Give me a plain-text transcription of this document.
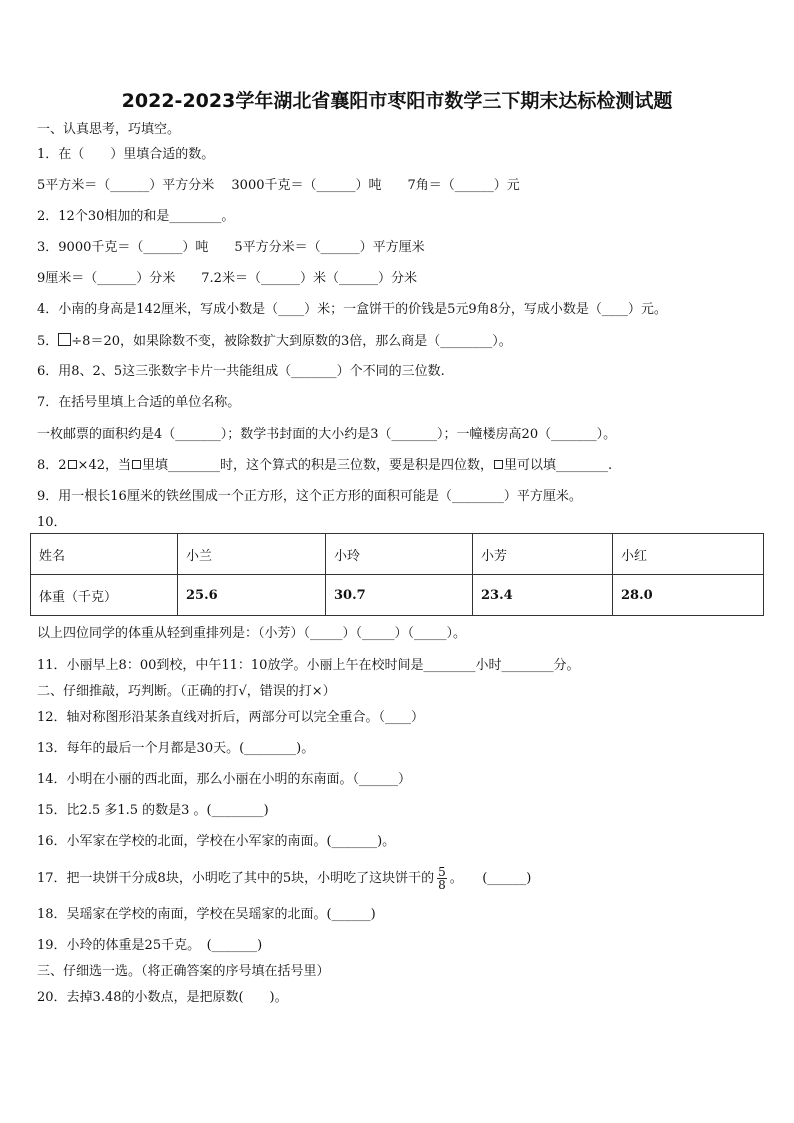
2022-2023学年湖北省襄阳市枣阳市数学三下期末达标检测试题
一、认真思考，巧填空。
1．在（　　）里填合适的数。
5平方米＝（______）平方分米　 3000千克＝（______）吨　　7角＝（______）元
2．12个30相加的和是________。
3．9000千克＝（______）吨　　5平方分米＝（______）平方厘米
9厘米＝（______）分米　　7.2米＝（______）米（______）分米
4．小南的身高是142厘米，写成小数是（____）米；一盒饼干的价钱是5元9角8分，写成小数是（____）元。
5． ÷8＝20，如果除数不变，被除数扩大到原数的3倍，那么商是（________）。
6．用8、2、5这三张数字卡片一共能组成（_______）个不同的三位数.
7．在括号里填上合适的单位名称。
一枚邮票的面积约是4（_______）；数学书封面的大小约是3（_______）；一幢楼房高20（_______）。
8．2 ×42，当 里填________时，这个算式的积是三位数，要是积是四位数， 里可以填________.
9．用一根长16厘米的铁丝围成一个正方形，这个正方形的面积可能是（________）平方厘米。
10．
姓名	小兰	小玲	小芳	小红
体重（千克）	25.6	30.7	23.4	28.0
以上四位同学的体重从轻到重排列是：（小芳）（_____）（_____）（_____）。
11．小丽早上8：00到校，中午11：10放学。小丽上午在校时间是________小时________分。
二、仔细推敲，巧判断。（正确的打√，错误的打×）
12．轴对称图形沿某条直线对折后，两部分可以完全重合。（____）
13．每年的最后一个月都是30天。(________)。
14．小明在小丽的西北面，那么小丽在小明的东南面。（______）
15．比2.5 多1.5 的数是3 。(________)
16．小军家在学校的北面，学校在小军家的南面。(_______)。
17．把一块饼干分成8块，小明吃了其中的5块，小明吃了这块饼干的 $\frac{5}{8}$ 。　　(______)
18．吴瑶家在学校的南面，学校在吴瑶家的北面。(______)
19．小玲的体重是25千克。　(_______)
三、仔细选一选。（将正确答案的序号填在括号里）
20．去掉3.48的小数点，是把原数(　　)。
